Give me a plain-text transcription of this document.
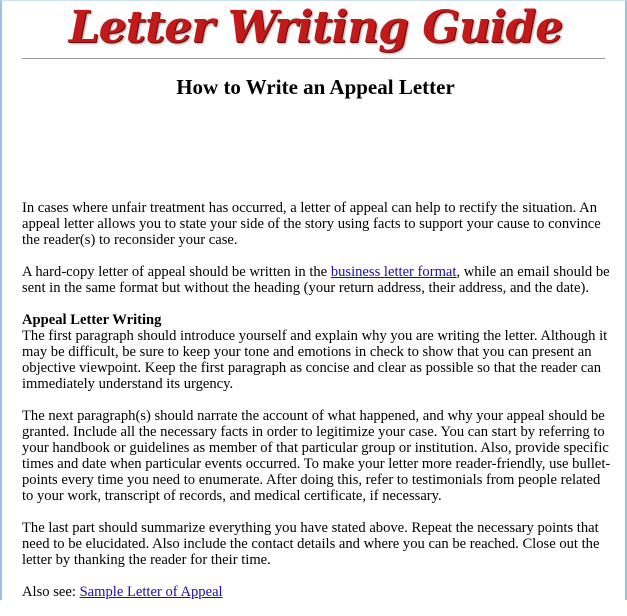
Letter Writing Guide
How to Write an Appeal Letter

In cases where unfair treatment has occurred, a letter of appeal can help to rectify the situation. An appeal letter allows you to state your side of the story using facts to support your cause to convince the reader(s) to reconsider your case.

A hard-copy letter of appeal should be written in the business letter format, while an email should be sent in the same format but without the heading (your return address, their address, and the date).

Appeal Letter Writing
The first paragraph should introduce yourself and explain why you are writing the letter. Although it may be difficult, be sure to keep your tone and emotions in check to show that you can present an objective viewpoint. Keep the first paragraph as concise and clear as possible so that the reader can immediately understand its urgency.

The next paragraph(s) should narrate the account of what happened, and why your appeal should be granted. Include all the necessary facts in order to legitimize your case. You can start by referring to your handbook or guidelines as member of that particular group or institution. Also, provide specific times and date when particular events occurred. To make your letter more reader-friendly, use bullet-points every time you need to enumerate. After doing this, refer to testimonials from people related to your work, transcript of records, and medical certificate, if necessary.

The last part should summarize everything you have stated above. Repeat the necessary points that need to be elucidated. Also include the contact details and where you can be reached. Close out the letter by thanking the reader for their time.

Also see: Sample Letter of Appeal
